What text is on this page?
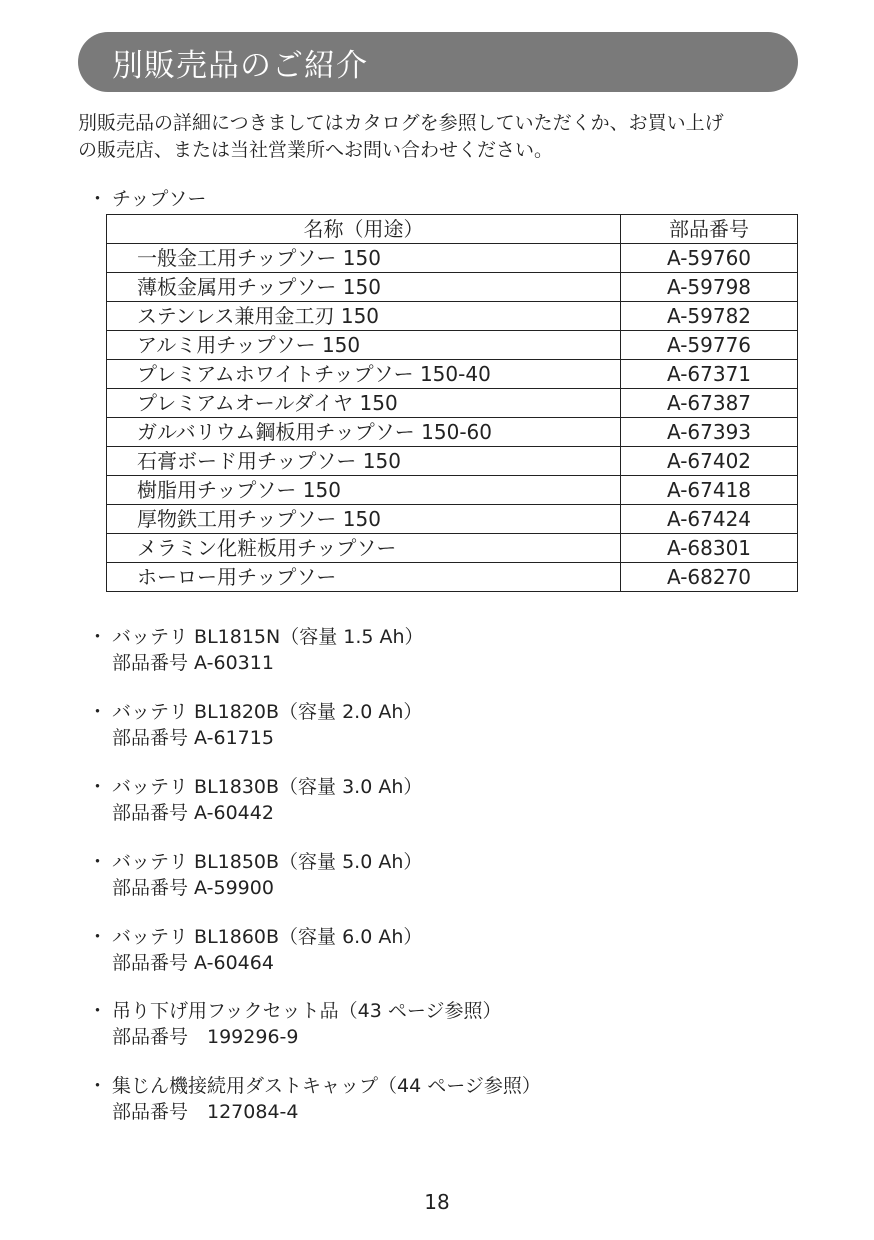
別販売品のご紹介

別販売品の詳細につきましてはカタログを参照していただくか、お買い上げ

の販売店、または当社営業所へお問い合わせください。

・ チップソー
名称（用途）	部品番号
一般金工用チップソー 150	A-59760
薄板金属用チップソー 150	A-59798
ステンレス兼用金工刃 150	A-59782
アルミ用チップソー 150	A-59776
プレミアムホワイトチップソー 150-40	A-67371
プレミアムオールダイヤ 150	A-67387
ガルバリウム鋼板用チップソー 150-60	A-67393
石膏ボード用チップソー 150	A-67402
樹脂用チップソー 150	A-67418
厚物鉄工用チップソー 150	A-67424
メラミン化粧板用チップソー	A-68301
ホーロー用チップソー	A-68270
・ バッテリ BL1815N（容量 1.5 Ah）
部品番号 A-60311
・ バッテリ BL1820B（容量 2.0 Ah）
部品番号 A-61715
・ バッテリ BL1830B（容量 3.0 Ah）
部品番号 A-60442
・ バッテリ BL1850B（容量 5.0 Ah）
部品番号 A-59900
・ バッテリ BL1860B（容量 6.0 Ah）
部品番号 A-60464
・ 吊り下げ用フックセット品（43 ページ参照）
部品番号　199296-9
・ 集じん機接続用ダストキャップ（44 ページ参照）
部品番号　127084-4
18
